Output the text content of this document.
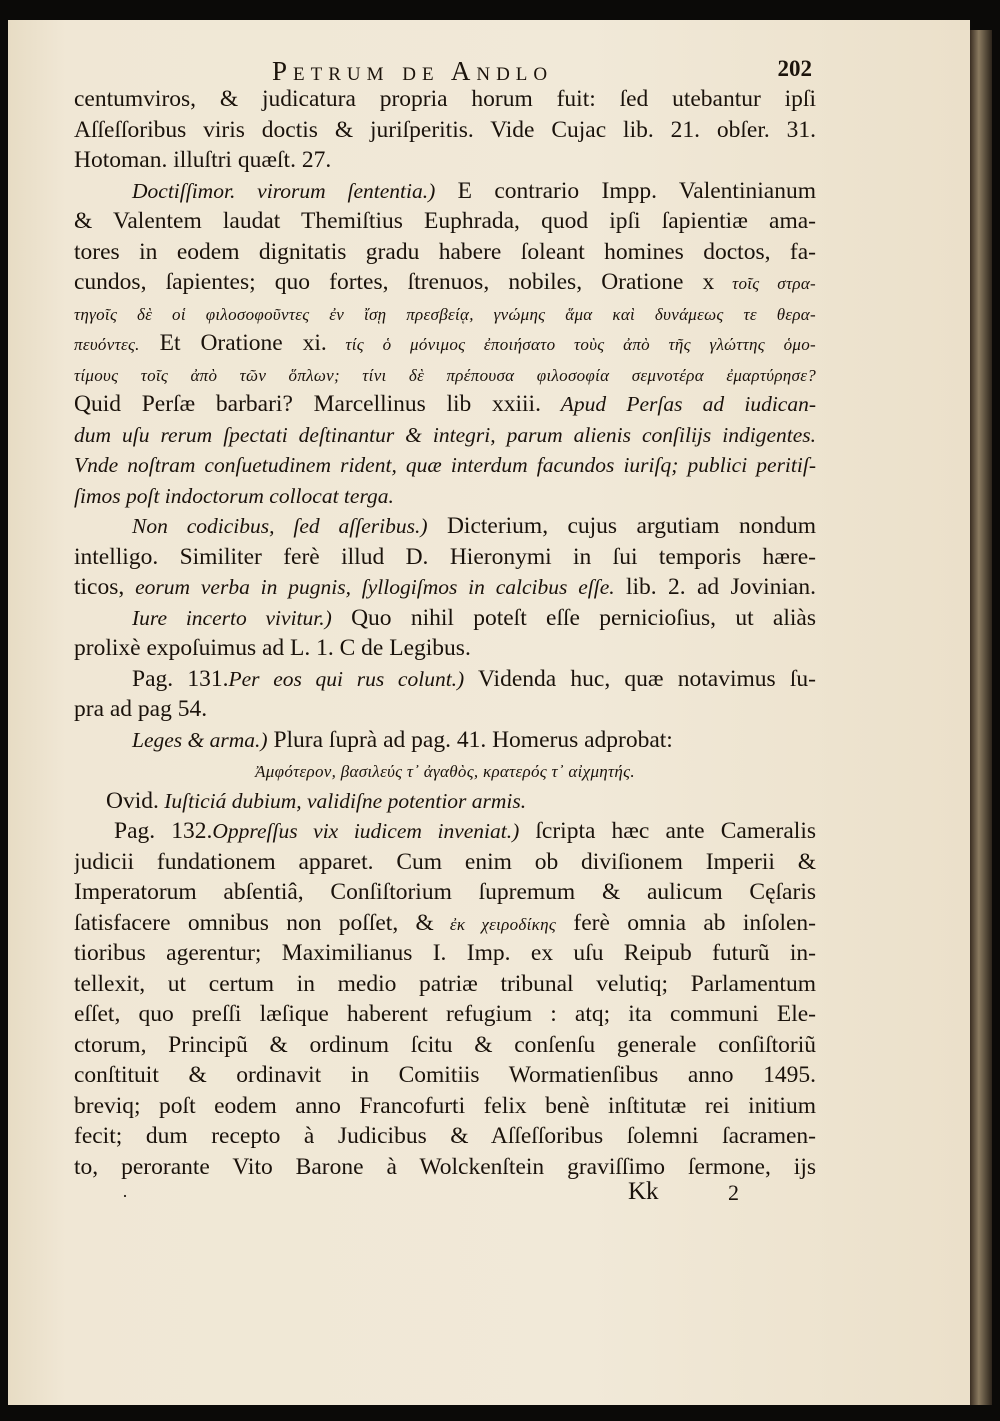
Petrum de Andlo	202
centumviros, & judicatura propria horum fuit: ſed utebantur ipſi
Aſſeſſoribus viris doctis & juriſperitis. Vide Cujac lib. 21. obſer. 31.
Hotoman. illuſtri quæſt. 27.
Doctiſſimor. virorum ſententia.) E contrario Impp. Valentinianum
& Valentem laudat Themiſtius Euphrada, quod ipſi ſapientiæ ama-
tores in eodem dignitatis gradu habere ſoleant homines doctos, fa-
cundos, ſapientes; quo fortes, ſtrenuos, nobiles, Oratione x τοῖς στρα-
τηγοῖς δὲ οἱ φιλοσοφοῦντες ἐν ἴσῃ πρεσβείᾳ, γνώμης ἅμα καὶ δυνάμεως τε θερα-
πευόντες. Et Oratione xi. τίς ὁ μόνιμος ἐποιήσατο τοὺς ἀπὸ τῆς γλώττης ὁμο-
τίμους τοῖς ἀπὸ τῶν ὅπλων; τίνι δὲ πρέπουσα φιλοσοφία σεμνοτέρα ἐμαρτύρησε?
Quid Perſæ barbari? Marcellinus lib xxiii. Apud Perſas ad iudican-
dum uſu rerum ſpectati deſtinantur & integri, parum alienis conſilijs indigentes.
Vnde noſtram conſuetudinem rident, quæ interdum facundos iuriſq; publici peritiſ-
ſimos poſt indoctorum collocat terga.
Non codicibus, ſed aſſeribus.) Dicterium, cujus argutiam nondum
intelligo. Similiter ferè illud D. Hieronymi in ſui temporis hære-
ticos, eorum verba in pugnis, ſyllogiſmos in calcibus eſſe. lib. 2. ad Jovinian.
Iure incerto vivitur.) Quo nihil poteſt eſſe pernicioſius, ut aliàs
prolixè expoſuimus ad L. 1. C de Legibus.
Pag. 131.Per eos qui rus colunt.) Videnda huc, quæ notavimus ſu-
pra ad pag 54.
Leges & arma.) Plura ſuprà ad pag. 41. Homerus adprobat:
Ἀμφότερον, βασιλεύς τ᾽ ἀγαθὸς, κρατερός τ᾽ αἰχμητής.
Ovid. Iuſticiá dubium, validiſne potentior armis.
Pag. 132.Oppreſſus vix iudicem inveniat.) ſcripta hæc ante Cameralis
judicii fundationem apparet. Cum enim ob diviſionem Imperii &
Imperatorum abſentiâ, Conſiſtorium ſupremum & aulicum Cęſaris
ſatisfacere omnibus non poſſet, & ἐκ χειροδίκης ferè omnia ab inſolen-
tioribus agerentur; Maximilianus I. Imp. ex uſu Reipub futurũ in-
tellexit, ut certum in medio patriæ tribunal velutiq; Parlamentum
eſſet, quo preſſi læſique haberent refugium : atq; ita communi Ele-
ctorum, Principũ & ordinum ſcitu & conſenſu generale conſiſtoriũ
conſtituit & ordinavit in Comitiis Wormatienſibus anno 1495.
breviq; poſt eodem anno Francofurti felix benè inſtitutæ rei initium
fecit; dum recepto à Judicibus & Aſſeſſoribus ſolemni ſacramen-
to, perorante Vito Barone à Wolckenſtein graviſſimo ſermone, ijs
·	Kk	2
